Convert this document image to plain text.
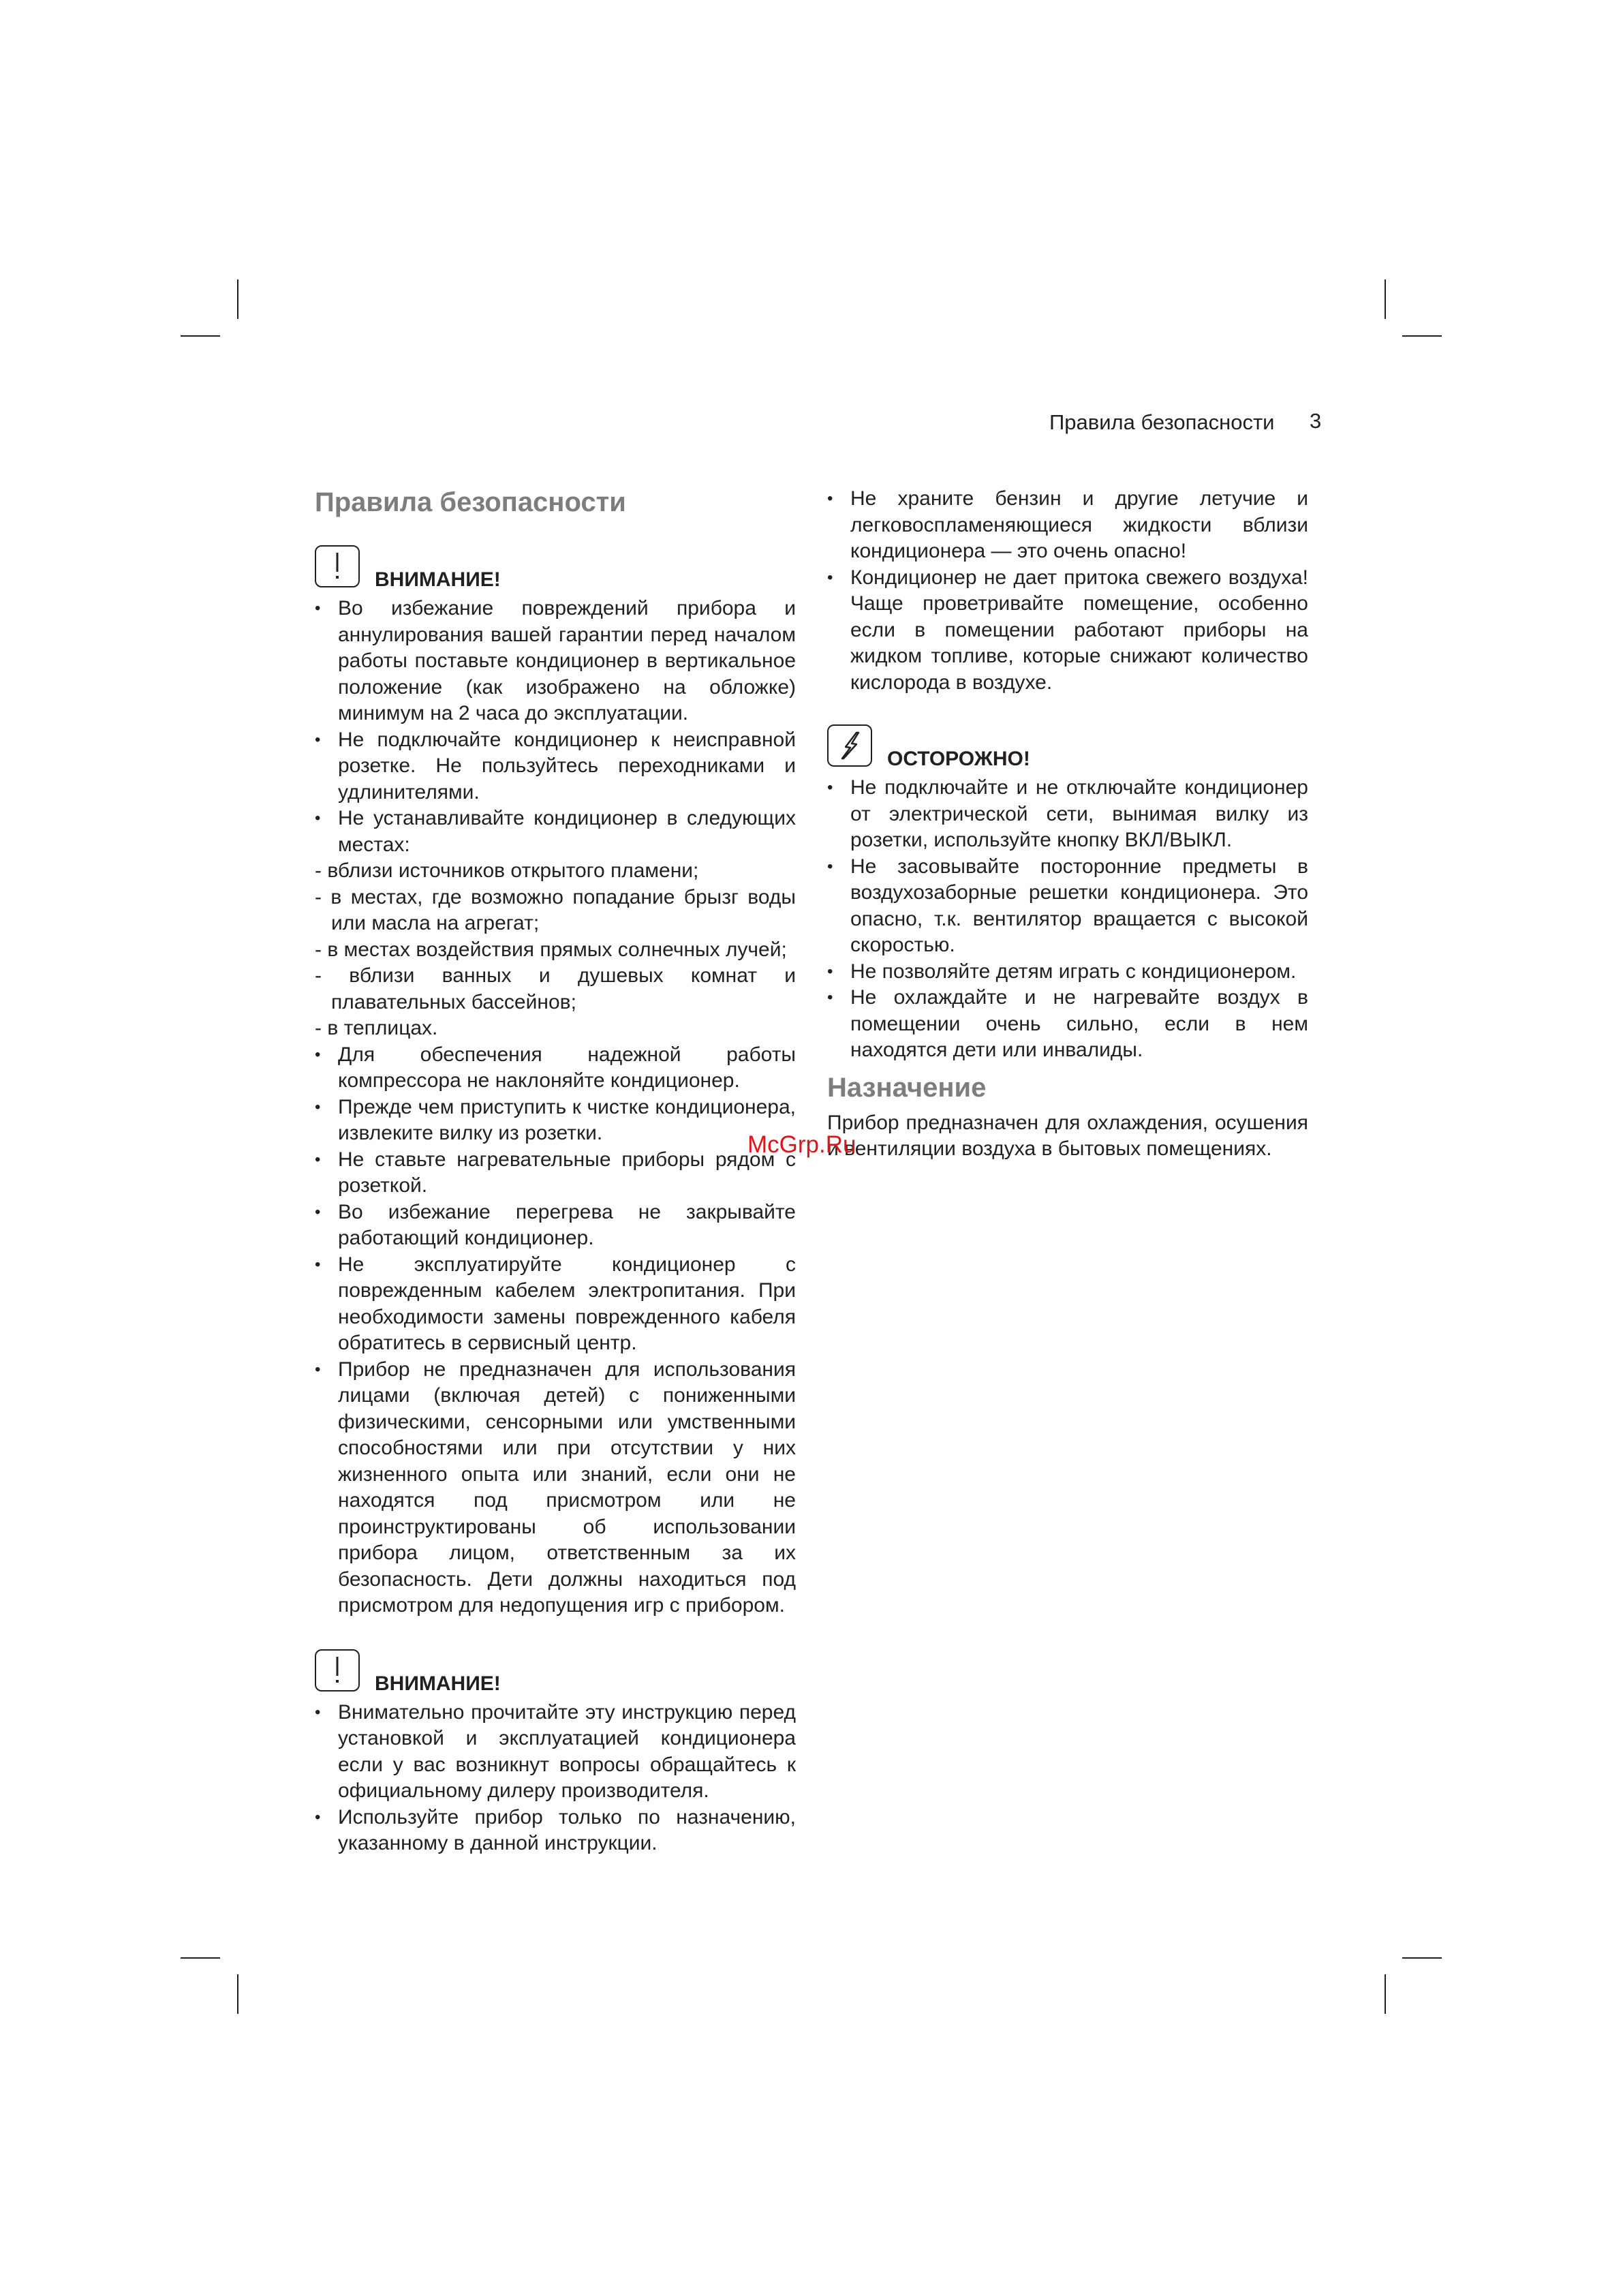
Правила безопасности 3
Правила безопасности
ВНИМАНИЕ!
• Во избежание повреждений прибора и аннулирования вашей гарантии перед началом работы поставьте кондиционер в вертикальное положение (как изображено на обложке) минимум на 2 часа до эксплуатации.
• Не подключайте кондиционер к неисправной розетке. Не пользуйтесь переходниками и удлинителями.
• Не устанавливайте кондиционер в следующих местах:
- вблизи источников открытого пламени;
- в местах, где возможно попадание брызг воды или масла на агрегат;
- в местах воздействия прямых солнечных лучей;
- вблизи ванных и душевых комнат и плавательных бассейнов;
- в теплицах.
• Для обеспечения надежной работы компрессора не наклоняйте кондиционер.
• Прежде чем приступить к чистке кондиционера, извлеките вилку из розетки.
• Не ставьте нагревательные приборы рядом с розеткой.
• Во избежание перегрева не закрывайте работающий кондиционер.
• Не эксплуатируйте кондиционер с поврежденным кабелем электропитания. При необходимости замены поврежденного кабеля обратитесь в сервисный центр.
• Прибор не предназначен для использования лицами (включая детей) с пониженными физическими, сенсорными или умственными способностями или при отсутствии у них жизненного опыта или знаний, если они не находятся под присмотром или не проинструктированы об использовании прибора лицом, ответственным за их безопасность. Дети должны находиться под присмотром для недопущения игр с прибором.
ВНИМАНИЕ!
• Внимательно прочитайте эту инструкцию перед установкой и эксплуатацией кондиционера если у вас возникнут вопросы обращайтесь к официальному дилеру производителя.
• Используйте прибор только по назначению, указанному в данной инструкции.
• Не храните бензин и другие летучие и легковоспламеняющиеся жидкости вблизи кондиционера — это очень опасно!
• Кондиционер не дает притока свежего воздуха! Чаще проветривайте помещение, особенно если в помещении работают приборы на жидком топливе, которые снижают количество кислорода в воздухе.
ОСТОРОЖНО!
• Не подключайте и не отключайте кондиционер от электрической сети, вынимая вилку из розетки, используйте кнопку ВКЛ/ВЫКЛ.
• Не засовывайте посторонние предметы в воздухозаборные решетки кондиционера. Это опасно, т.к. вентилятор вращается с высокой скоростью.
• Не позволяйте детям играть с кондиционером.
• Не охлаждайте и не нагревайте воздух в помещении очень сильно, если в нем находятся дети или инвалиды.
Назначение

Прибор предназначен для охлаждения, осушения и вентиляции воздуха в бытовых помещениях.

McGrp.Ru
